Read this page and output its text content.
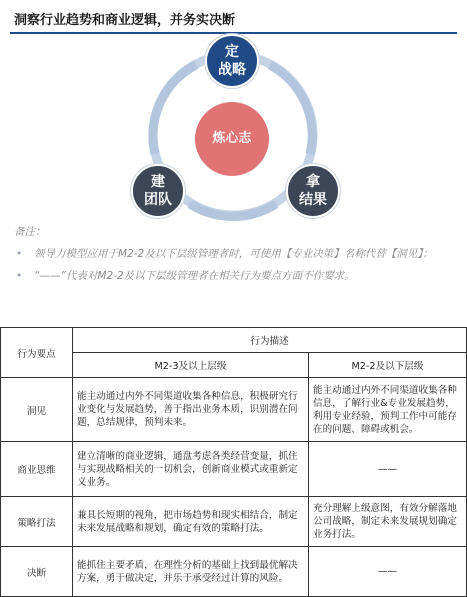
洞察行业趋势和商业逻辑，并务实决断
定
战略
炼心志
建
团队
拿
结果
备注：
• 领导力模型应用于M2-2及以下层级管理者时，可使用【专业决策】名称代替【洞见】；
• “——”代表对M2-2及以下层级管理者在相关行为要点方面不作要求。
行为要点	行为描述	
	M2-3及以上层级	M2-2及以下层级
洞见	能主动通过内外不同渠道收集各种信息，积极研究行业变化与发展趋势，善于指出业务本质，识别潜在问题，总结规律，预判未来。	能主动通过内外不同渠道收集各种信息，了解行业&专业发展趋势，利用专业经验，预判工作中可能存在的问题、障碍或机会。
商业思维	建立清晰的商业逻辑，通盘考虑各类经营变量，抓住与实现战略相关的一切机会，创新商业模式或重新定义业务。	——
策略打法	兼具长短期的视角，把市场趋势和现实相结合，制定未来发展战略和规划，确定有效的策略打法。	充分理解上级意图，有效分解落地公司战略，制定未来发展规划确定业务打法。
决断	能抓住主要矛盾，在理性分析的基础上找到最优解决方案，勇于做决定，并乐于承受经过计算的风险。	——
